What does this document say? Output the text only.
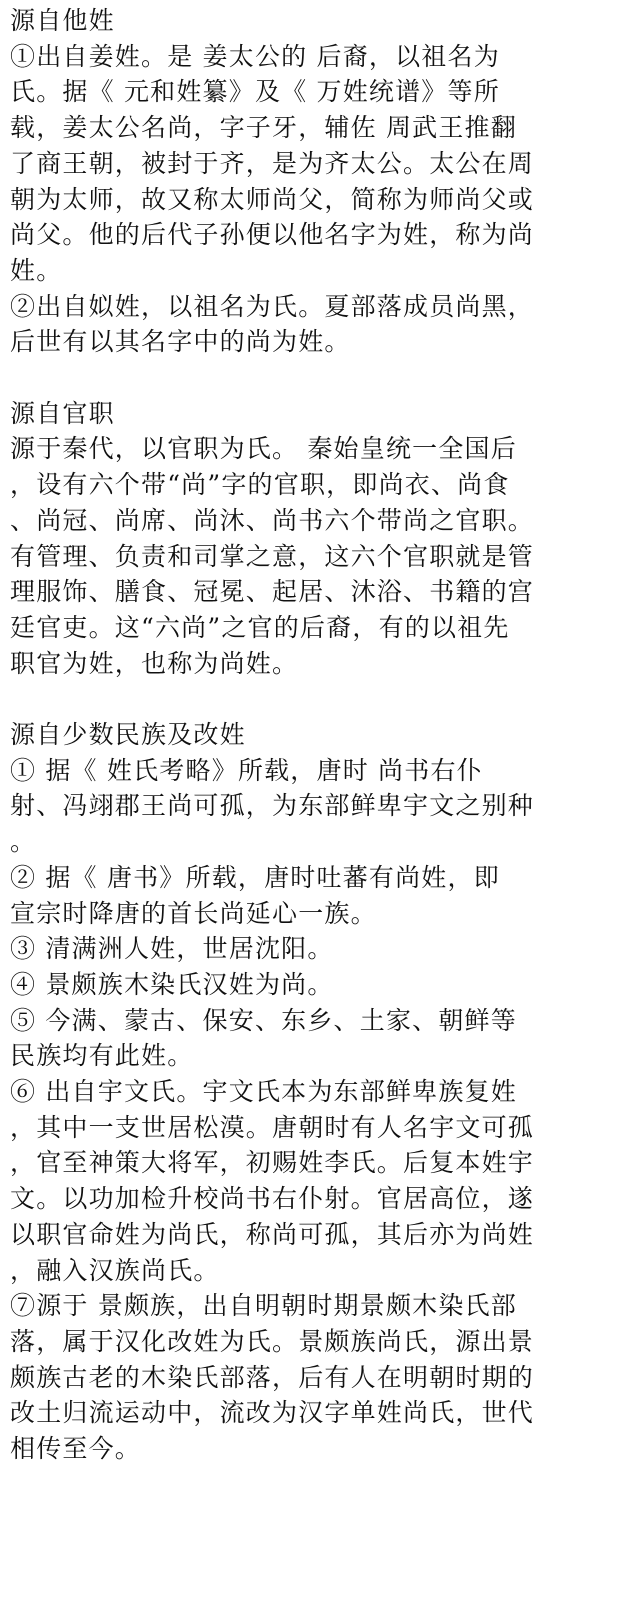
源自他姓
①出自姜姓。是 姜太公的 后裔，以祖名为
氏。据《 元和姓纂》及《 万姓统谱》等所
载，姜太公名尚，字子牙，辅佐 周武王推翻
了商王朝，被封于齐，是为齐太公。太公在周
朝为太师，故又称太师尚父，简称为师尚父或
尚父。他的后代子孙便以他名字为姓，称为尚
姓。
②出自姒姓，以祖名为氏。夏部落成员尚黑，
后世有以其名字中的尚为姓。
源自官职
源于秦代，以官职为氏。 秦始皇统一全国后
，设有六个带“尚”字的官职，即尚衣、尚食
、尚冠、尚席、尚沐、尚书六个带尚之官职。
有管理、负责和司掌之意，这六个官职就是管
理服饰、膳食、冠冕、起居、沐浴、书籍的宫
廷官吏。这“六尚”之官的后裔，有的以祖先
职官为姓，也称为尚姓。
源自少数民族及改姓
① 据《 姓氏考略》所载，唐时 尚书右仆
射、冯翊郡王尚可孤，为东部鲜卑宇文之别种
。
② 据《 唐书》所载，唐时吐蕃有尚姓，即
宣宗时降唐的首长尚延心一族。
③ 清满洲人姓，世居沈阳。
④ 景颇族木染氏汉姓为尚。
⑤ 今满、蒙古、保安、东乡、土家、朝鲜等
民族均有此姓。
⑥ 出自宇文氏。宇文氏本为东部鲜卑族复姓
，其中一支世居松漠。唐朝时有人名宇文可孤
，官至神策大将军，初赐姓李氏。后复本姓宇
文。以功加检升校尚书右仆射。官居高位，遂
以职官命姓为尚氏，称尚可孤，其后亦为尚姓
，融入汉族尚氏。
⑦源于 景颇族，出自明朝时期景颇木染氏部
落，属于汉化改姓为氏。景颇族尚氏，源出景
颇族古老的木染氏部落，后有人在明朝时期的
改土归流运动中，流改为汉字单姓尚氏，世代
相传至今。
